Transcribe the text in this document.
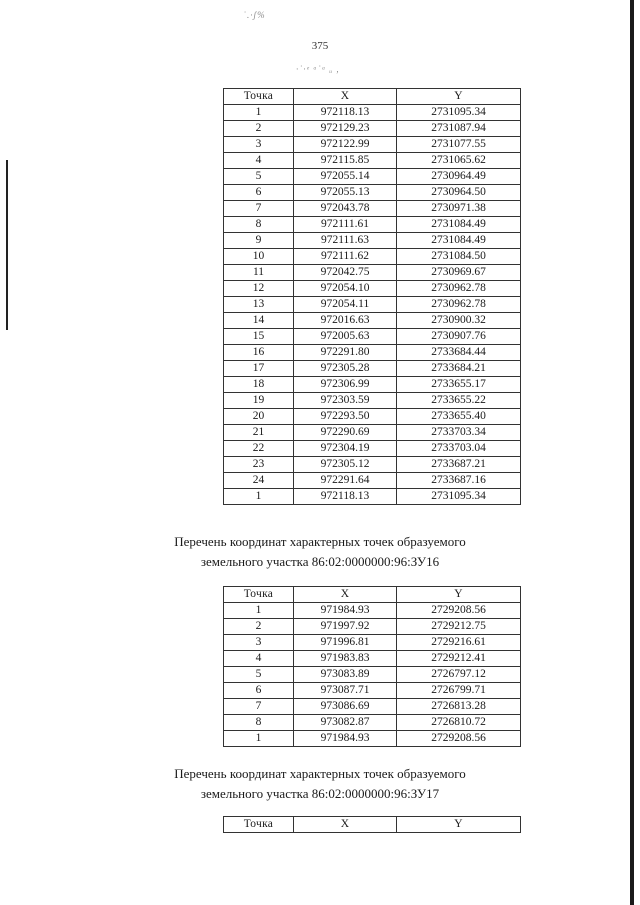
˙.·ʃ%
375
·˙·ᵉ ᵃ˙ᵃ ᵤ ,
Точка	X	Y
1	972118.13	2731095.34
2	972129.23	2731087.94
3	972122.99	2731077.55
4	972115.85	2731065.62
5	972055.14	2730964.49
6	972055.13	2730964.50
7	972043.78	2730971.38
8	972111.61	2731084.49
9	972111.63	2731084.49
10	972111.62	2731084.50
11	972042.75	2730969.67
12	972054.10	2730962.78
13	972054.11	2730962.78
14	972016.63	2730900.32
15	972005.63	2730907.76
16	972291.80	2733684.44
17	972305.28	2733684.21
18	972306.99	2733655.17
19	972303.59	2733655.22
20	972293.50	2733655.40
21	972290.69	2733703.34
22	972304.19	2733703.04
23	972305.12	2733687.21
24	972291.64	2733687.16
1	972118.13	2731095.34
Перечень координат характерных точек образуемого
земельного участка 86:02:0000000:96:ЗУ16
Точка	X	Y
1	971984.93	2729208.56
2	971997.92	2729212.75
3	971996.81	2729216.61
4	971983.83	2729212.41
5	973083.89	2726797.12
6	973087.71	2726799.71
7	973086.69	2726813.28
8	973082.87	2726810.72
1	971984.93	2729208.56
Перечень координат характерных точек образуемого
земельного участка 86:02:0000000:96:ЗУ17
Точка	X	Y
